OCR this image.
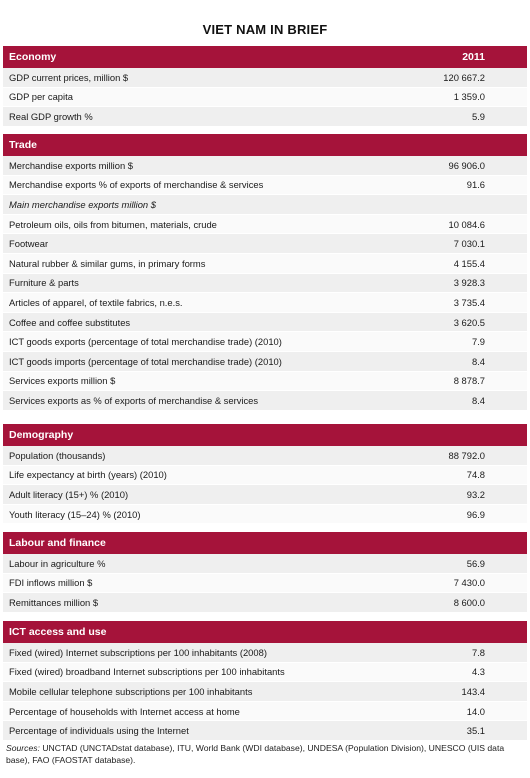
VIET NAM IN BRIEF
Economy	2011
GDP current prices, million $	120 667.2
GDP per capita	1 359.0
Real GDP growth %	5.9
Trade
Merchandise exports million $	96 906.0
Merchandise exports % of exports of merchandise & services	91.6
Main merchandise exports million $
Petroleum oils, oils from bitumen, materials, crude	10 084.6
Footwear	7 030.1
Natural rubber & similar gums, in primary forms	4 155.4
Furniture & parts	3 928.3
Articles of apparel, of textile fabrics, n.e.s.	3 735.4
Coffee and coffee substitutes	3 620.5
ICT goods exports (percentage of total merchandise trade) (2010)	7.9
ICT goods imports (percentage of total merchandise trade) (2010)	8.4
Services exports million $	8 878.7
Services exports as % of exports of merchandise & services	8.4
Demography
Population (thousands)	88 792.0
Life expectancy at birth (years) (2010)	74.8
Adult literacy (15+) % (2010)	93.2
Youth literacy (15–24) % (2010)	96.9
Labour and finance
Labour in agriculture %	56.9
FDI inflows million $	7 430.0
Remittances million $	8 600.0
ICT access and use
Fixed (wired) Internet subscriptions per 100 inhabitants (2008)	7.8
Fixed (wired) broadband Internet subscriptions per 100 inhabitants	4.3
Mobile cellular telephone subscriptions per 100 inhabitants	143.4
Percentage of households with Internet access at home	14.0
Percentage of individuals using the Internet	35.1
Sources: UNCTAD (UNCTADstat database), ITU, World Bank (WDI database), UNDESA (Population Division), UNESCO (UIS data base), FAO (FAOSTAT database).
